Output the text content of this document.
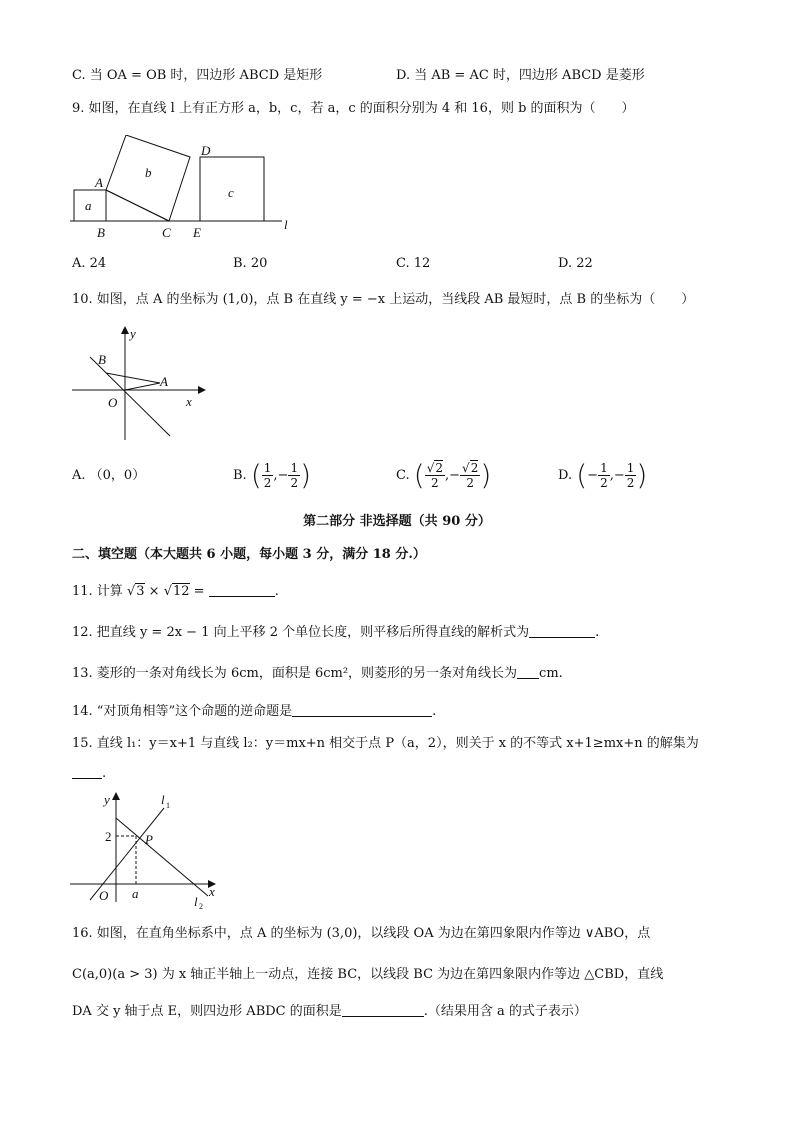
C. 当 OA = OB 时，四边形 ABCD 是矩形	D. 当 AB = AC 时，四边形 ABCD 是菱形
9. 如图，在直线 l 上有正方形 a，b，c，若 a，c 的面积分别为 4 和 16，则 b 的面积为（　　）
a
b
c
A
B	C
D
E
l
A. 24	B. 20	C. 12	D. 22
10. 如图，点 A 的坐标为 (1,0)，点 B 在直线 y = −x 上运动，当线段 AB 最短时，点 B 的坐标为（　　）
y
x
O
A
B
A. （0，0）	B. ( $\frac{1}{2}$ ,− $\frac{1}{2}$ )	C. ( $\frac{√2}{2}$ ,− $\frac{√2}{2}$ )	D. (− $\frac{1}{2}$ ,− $\frac{1}{2}$ )
第二部分 非选择题（共 90 分）
二、填空题（本大题共 6 小题，每小题 3 分，满分 18 分.）
11. 计算 √3 × √12 =	.
12. 把直线 y = 2x − 1 向上平移 2 个单位长度，则平移后所得直线的解析式为	.
13. 菱形的一条对角线长为 6cm，面积是 6cm²，则菱形的另一条对角线长为 cm.
14. “对顶角相等”这个命题的逆命题是	.
15. 直线 l₁：y＝x+1 与直线 l₂：y＝mx+n 相交于点 P（a，2），则关于 x 的不等式 x+1≥mx+n 的解集为
.
y
x
O
P
2
a
l 1
l 2
16. 如图，在直角坐标系中，点 A 的坐标为 (3,0)，以线段 OA 为边在第四象限内作等边 ∨ABO，点
C(a,0)(a > 3) 为 x 轴正半轴上一动点，连接 BC，以线段 BC 为边在第四象限内作等边 △CBD，直线
DA 交 y 轴于点 E，则四边形 ABDC 的面积是	.（结果用含 a 的式子表示）
